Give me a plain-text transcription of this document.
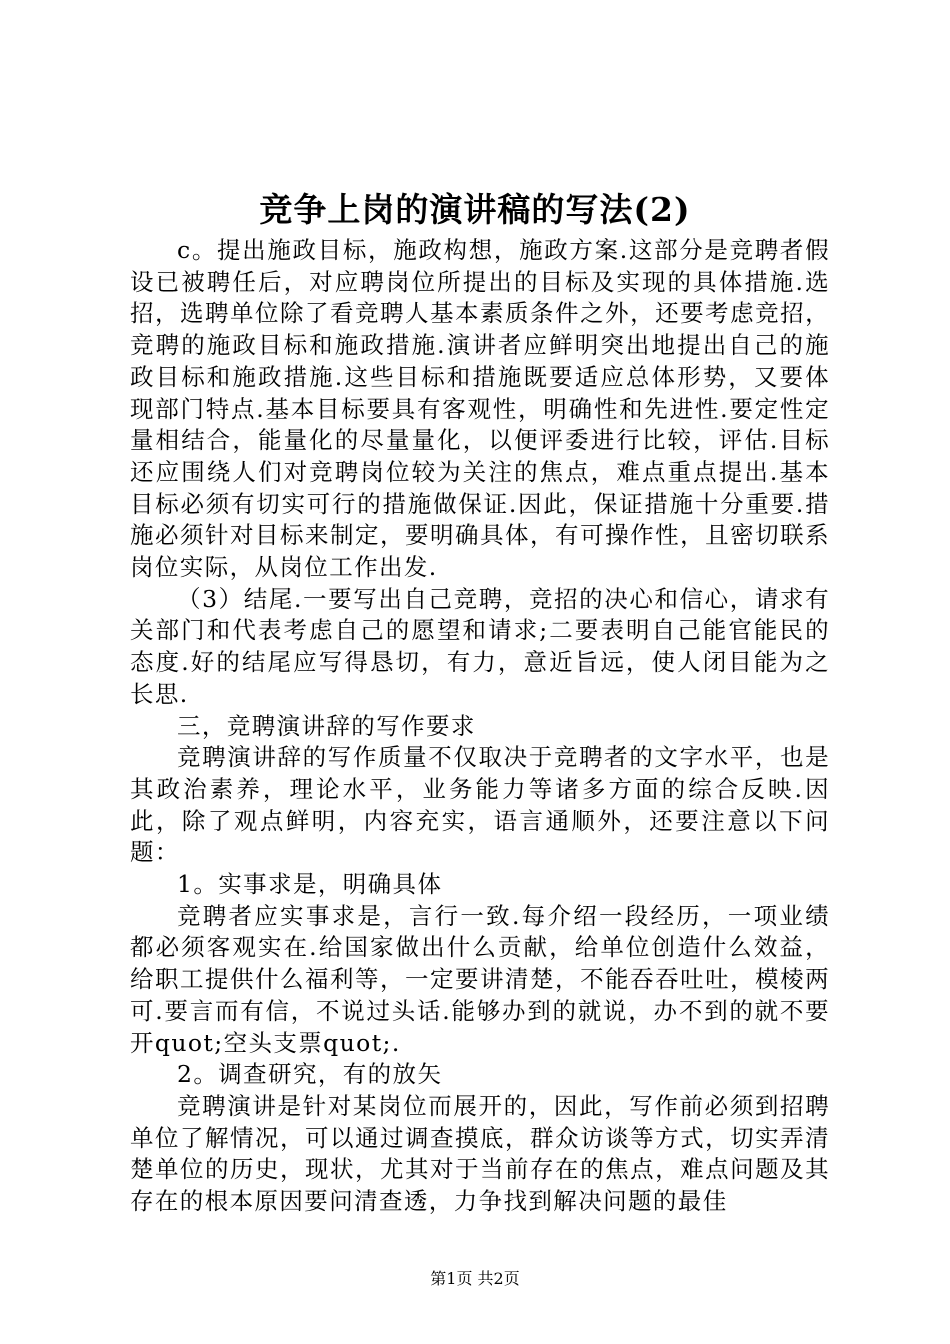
竞争上岗的演讲稿的写法(2)

c。提出施政目标，施政构想，施政方案.这部分是竞聘者假设已被聘任后，对应聘岗位所提出的目标及实现的具体措施.选招，选聘单位除了看竞聘人基本素质条件之外，还要考虑竞招，竞聘的施政目标和施政措施.演讲者应鲜明突出地提出自己的施政目标和施政措施.这些目标和措施既要适应总体形势，又要体现部门特点.基本目标要具有客观性，明确性和先进性.要定性定量相结合，能量化的尽量量化，以便评委进行比较，评估.目标还应围绕人们对竞聘岗位较为关注的焦点，难点重点提出.基本目标必须有切实可行的措施做保证.因此，保证措施十分重要.措施必须针对目标来制定，要明确具体，有可操作性，且密切联系岗位实际，从岗位工作出发.

（3）结尾.一要写出自己竞聘，竞招的决心和信心，请求有关部门和代表考虑自己的愿望和请求;二要表明自己能官能民的态度.好的结尾应写得恳切，有力，意近旨远，使人闭目能为之长思.

三，竞聘演讲辞的写作要求

竞聘演讲辞的写作质量不仅取决于竞聘者的文字水平，也是其政治素养，理论水平，业务能力等诸多方面的综合反映.因此，除了观点鲜明，内容充实，语言通顺外，还要注意以下问题：

1。实事求是，明确具体

竞聘者应实事求是，言行一致.每介绍一段经历，一项业绩都必须客观实在.给国家做出什么贡献，给单位创造什么效益，给职工提供什么福利等，一定要讲清楚，不能吞吞吐吐，模棱两可.要言而有信，不说过头话.能够办到的就说，办不到的就不要开quot;空头支票quot;.

2。调查研究，有的放矢

竞聘演讲是针对某岗位而展开的，因此，写作前必须到招聘单位了解情况，可以通过调查摸底，群众访谈等方式，切实弄清楚单位的历史，现状，尤其对于当前存在的焦点，难点问题及其存在的根本原因要问清查透，力争找到解决问题的最佳

第1页 共2页
